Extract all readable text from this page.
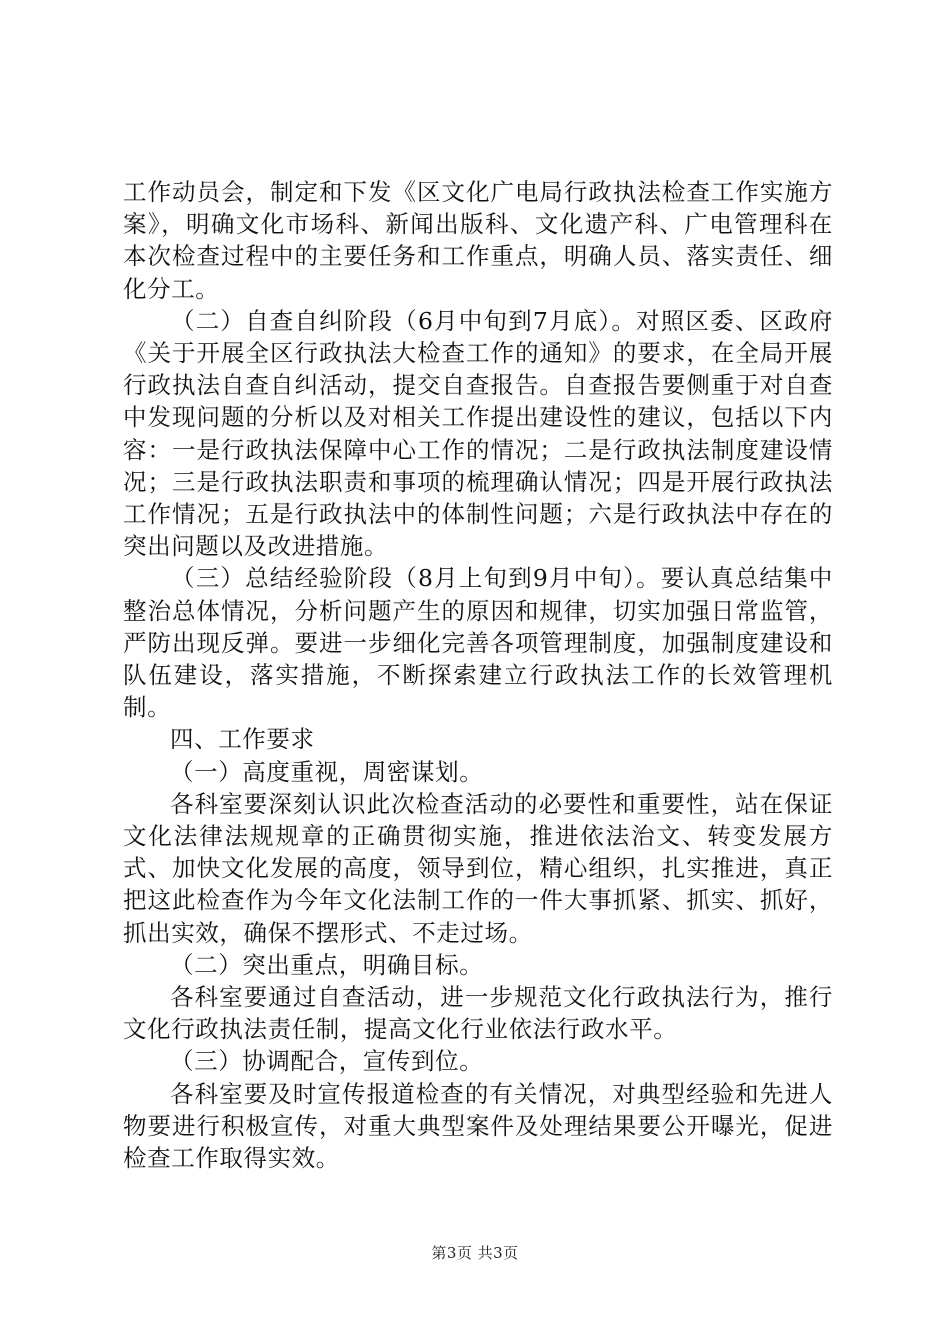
工作动员会，制定和下发《区文化广电局行政执法检查工作实施方案》，明确文化市场科、新闻出版科、文化遗产科、广电管理科在本次检查过程中的主要任务和工作重点，明确人员、落实责任、细化分工。

（二）自查自纠阶段（6月中旬到7月底）。对照区委、区政府《关于开展全区行政执法大检查工作的通知》的要求，在全局开展行政执法自查自纠活动，提交自查报告。自查报告要侧重于对自查中发现问题的分析以及对相关工作提出建设性的建议，包括以下内容：一是行政执法保障中心工作的情况；二是行政执法制度建设情况；三是行政执法职责和事项的梳理确认情况；四是开展行政执法工作情况；五是行政执法中的体制性问题；六是行政执法中存在的突出问题以及改进措施。

（三）总结经验阶段（8月上旬到9月中旬）。要认真总结集中整治总体情况，分析问题产生的原因和规律，切实加强日常监管，严防出现反弹。要进一步细化完善各项管理制度，加强制度建设和队伍建设，落实措施，不断探索建立行政执法工作的长效管理机制。

四、工作要求

（一）高度重视，周密谋划。

各科室要深刻认识此次检查活动的必要性和重要性，站在保证文化法律法规规章的正确贯彻实施，推进依法治文、转变发展方式、加快文化发展的高度，领导到位，精心组织，扎实推进，真正把这此检查作为今年文化法制工作的一件大事抓紧、抓实、抓好，抓出实效，确保不摆形式、不走过场。

（二）突出重点，明确目标。

各科室要通过自查活动，进一步规范文化行政执法行为，推行文化行政执法责任制，提高文化行业依法行政水平。

（三）协调配合，宣传到位。

各科室要及时宣传报道检查的有关情况，对典型经验和先进人物要进行积极宣传，对重大典型案件及处理结果要公开曝光，促进检查工作取得实效。

第3页 共3页
